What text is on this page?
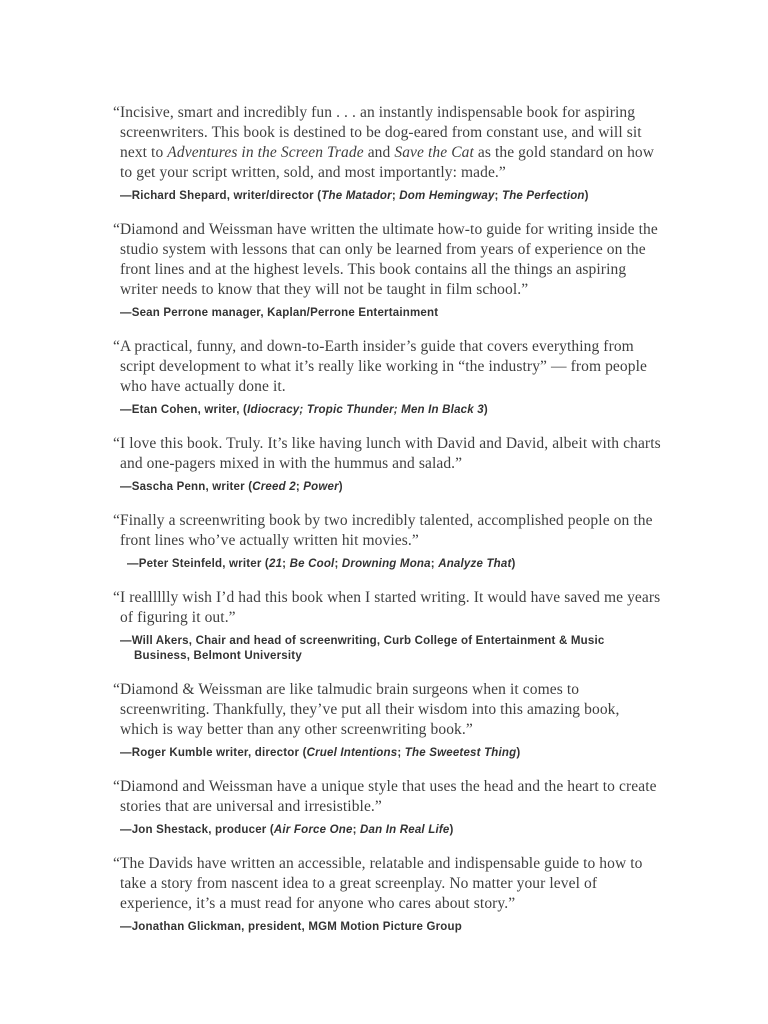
“Incisive, smart and incredibly fun . . . an instantly indispensable book for aspiring screenwriters. This book is destined to be dog-eared from constant use, and will sit next to Adventures in the Screen Trade and Save the Cat as the gold standard on how to get your script written, sold, and most importantly: made.”

—Richard Shepard, writer/director (The Matador; Dom Hemingway; The Perfection)

“Diamond and Weissman have written the ultimate how-to guide for writing inside the studio system with lessons that can only be learned from years of experience on the front lines and at the highest levels. This book contains all the things an aspiring writer needs to know that they will not be taught in film school.”

—Sean Perrone manager, Kaplan/Perrone Entertainment

“A practical, funny, and down-to-Earth insider’s guide that covers everything from script development to what it’s really like working in “the industry” — from people who have actually done it.

—Etan Cohen, writer, (Idiocracy; Tropic Thunder; Men In Black 3)

“I love this book. Truly. It’s like having lunch with David and David, albeit with charts and one-pagers mixed in with the hummus and salad.”

—Sascha Penn, writer (Creed 2; Power)

“Finally a screenwriting book by two incredibly talented, accomplished people on the front lines who’ve actually written hit movies.”

—Peter Steinfeld, writer (21; Be Cool; Drowning Mona; Analyze That)

“I reallllly wish I’d had this book when I started writing. It would have saved me years of figuring it out.”

—Will Akers, Chair and head of screenwriting, Curb College of Entertainment & Music Business, Belmont University

“Diamond & Weissman are like talmudic brain surgeons when it comes to screenwriting. Thankfully, they’ve put all their wisdom into this amazing book, which is way better than any other screenwriting book.”

—Roger Kumble writer, director (Cruel Intentions; The Sweetest Thing)

“Diamond and Weissman have a unique style that uses the head and the heart to create stories that are universal and irresistible.”

—Jon Shestack, producer (Air Force One; Dan In Real Life)

“The Davids have written an accessible, relatable and indispensable guide to how to take a story from nascent idea to a great screenplay. No matter your level of experience, it’s a must read for anyone who cares about story.”

—Jonathan Glickman, president, MGM Motion Picture Group
